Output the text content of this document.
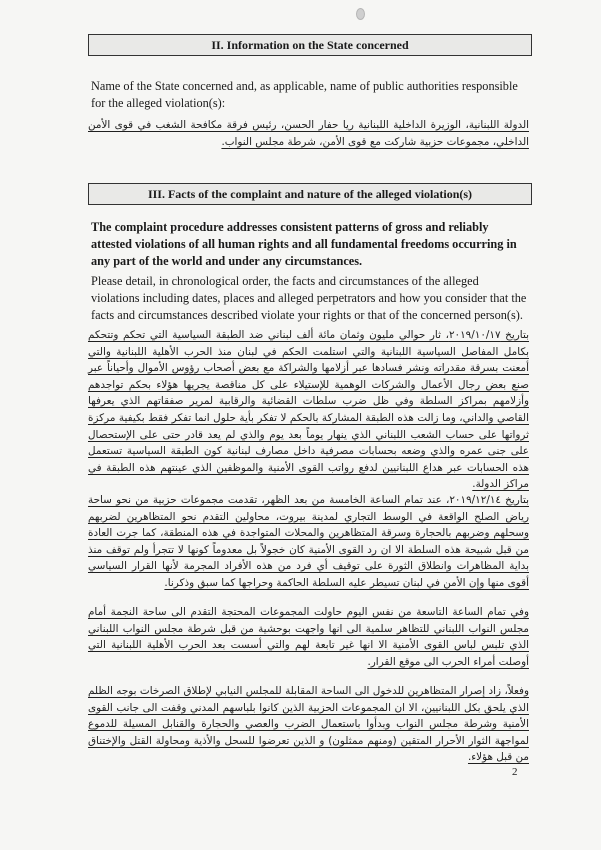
II. Information on the State concerned
Name of the State concerned and, as applicable, name of public authorities responsible for the alleged violation(s):
الدولة اللبنانية، الوزيرة الداخلية اللبنانية ريا حفار الحسن، رئيس فرقة مكافحة الشغب في قوى الأمن الداخلي، مجموعات حزبية شاركت مع قوى الأمن، شرطة مجلس النواب.
III. Facts of the complaint and nature of the alleged violation(s)
The complaint procedure addresses consistent patterns of gross and reliably attested violations of all human rights and all fundamental freedoms occurring in any part of the world and under any circumstances.
Please detail, in chronological order, the facts and circumstances of the alleged violations including dates, places and alleged perpetrators and how you consider that the facts and circumstances described violate your rights or that of the concerned person(s).
بتاريخ ٢٠١٩/١٠/١٧، ثار حوالي مليون وثمان مائة ألف لبناني ضد الطبقة السياسية التي تحكم وتتحكم بكامل المفاصل السياسية اللبنانية والتي استلمت الحكم في لبنان منذ الحرب الأهلية اللبنانية والتي أمعنت بسرقة مقدراته ونشر فسادها عبر أزلامها والشراكة مع بعض أصحاب رؤوس الأموال وأحياناً عبر صنع بعض رجال الأعمال والشركات الوهمية للإستيلاء على كل مناقصة يجريها هؤلاء بحكم تواجدهم وأزلامهم بمراكز السلطة وفي ظل ضرب سلطات القضائية والرقابية لمرير صفقاتهم الذي يعرفها القاصي والداني، وما زالت هذه الطبقة المشاركة بالحكم لا تفكر بأية حلول انما تفكر فقط بكيفية مركزة ثرواتها على حساب الشعب اللبناني الذي ينهار يوماً بعد يوم والذي لم يعد قادر حتى على الإستحصال على جنى عمره والذي وضعه بحسابات مصرفية داخل مصارف لبنانية كون الطبقة السياسية تستعمل هذه الحسابات عبر هداع اللبنانيين لدفع رواتب القوى الأمنية والموظفين الذي عينتهم هذه الطبقة في مراكز الدولة.
بتاريخ ٢٠١٩/١٢/١٤، عند تمام الساعة الخامسة من بعد الظهر، تقدمت مجموعات حزبية من نحو ساحة رياض الصلح الواقعة في الوسط التجاري لمدينة بيروت، محاولين التقدم نحو المتظاهرين لضربهم وسحلهم وضربهم بالحجارة وسرقة المتظاهرين والمحلات المتواجدة في هذه المنطقة، كما جرت العادة من قبل شبيحة هذه السلطة الا ان رد القوى الأمنية كان خجولاً بل معدوماً كونها لا تتجرأ ولم توقف منذ بداية المظاهرات وانطلاق الثورة على توقيف أي فرد من هذه الأفراد المجرمة لأنها القرار السياسي أقوى منها وإن الأمن في لبنان تسيطر عليه السلطة الحاكمة وحراجها كما سبق وذكرنا.
وفي تمام الساعة التاسعة من نفس اليوم حاولت المجموعات المحتجة التقدم الى ساحة النجمة أمام مجلس النواب اللبناني للتظاهر سلمية الى انها واجهت بوحشية من قبل شرطة مجلس النواب اللبناني الذي تلبس لباس القوى الأمنية الا انها غير تابعة لهم والتي أسست بعد الحرب الأهلية اللبنانية التي أوصلت أمراء الحرب الى موقع القرار.
وفعلاً، زاد إصرار المتظاهرين للدخول الى الساحة المقابلة للمجلس النيابي لإطلاق الصرخات بوجه الظلم الذي يلحق بكل اللبنانيين، الا ان المجموعات الحزبية الذين كانوا بلباسهم المدني وقفت الى جانب القوى الأمنية وشرطة مجلس النواب وبدأوا باستعمال الضرب والعصي والحجارة والقنابل المسيلة للدموع لمواجهة الثوار الأحرار المتقين (ومنهم ممثلون) و الذين تعرضوا للسحل والأذية ومحاولة القتل والإختناق من قبل هؤلاء.
2
